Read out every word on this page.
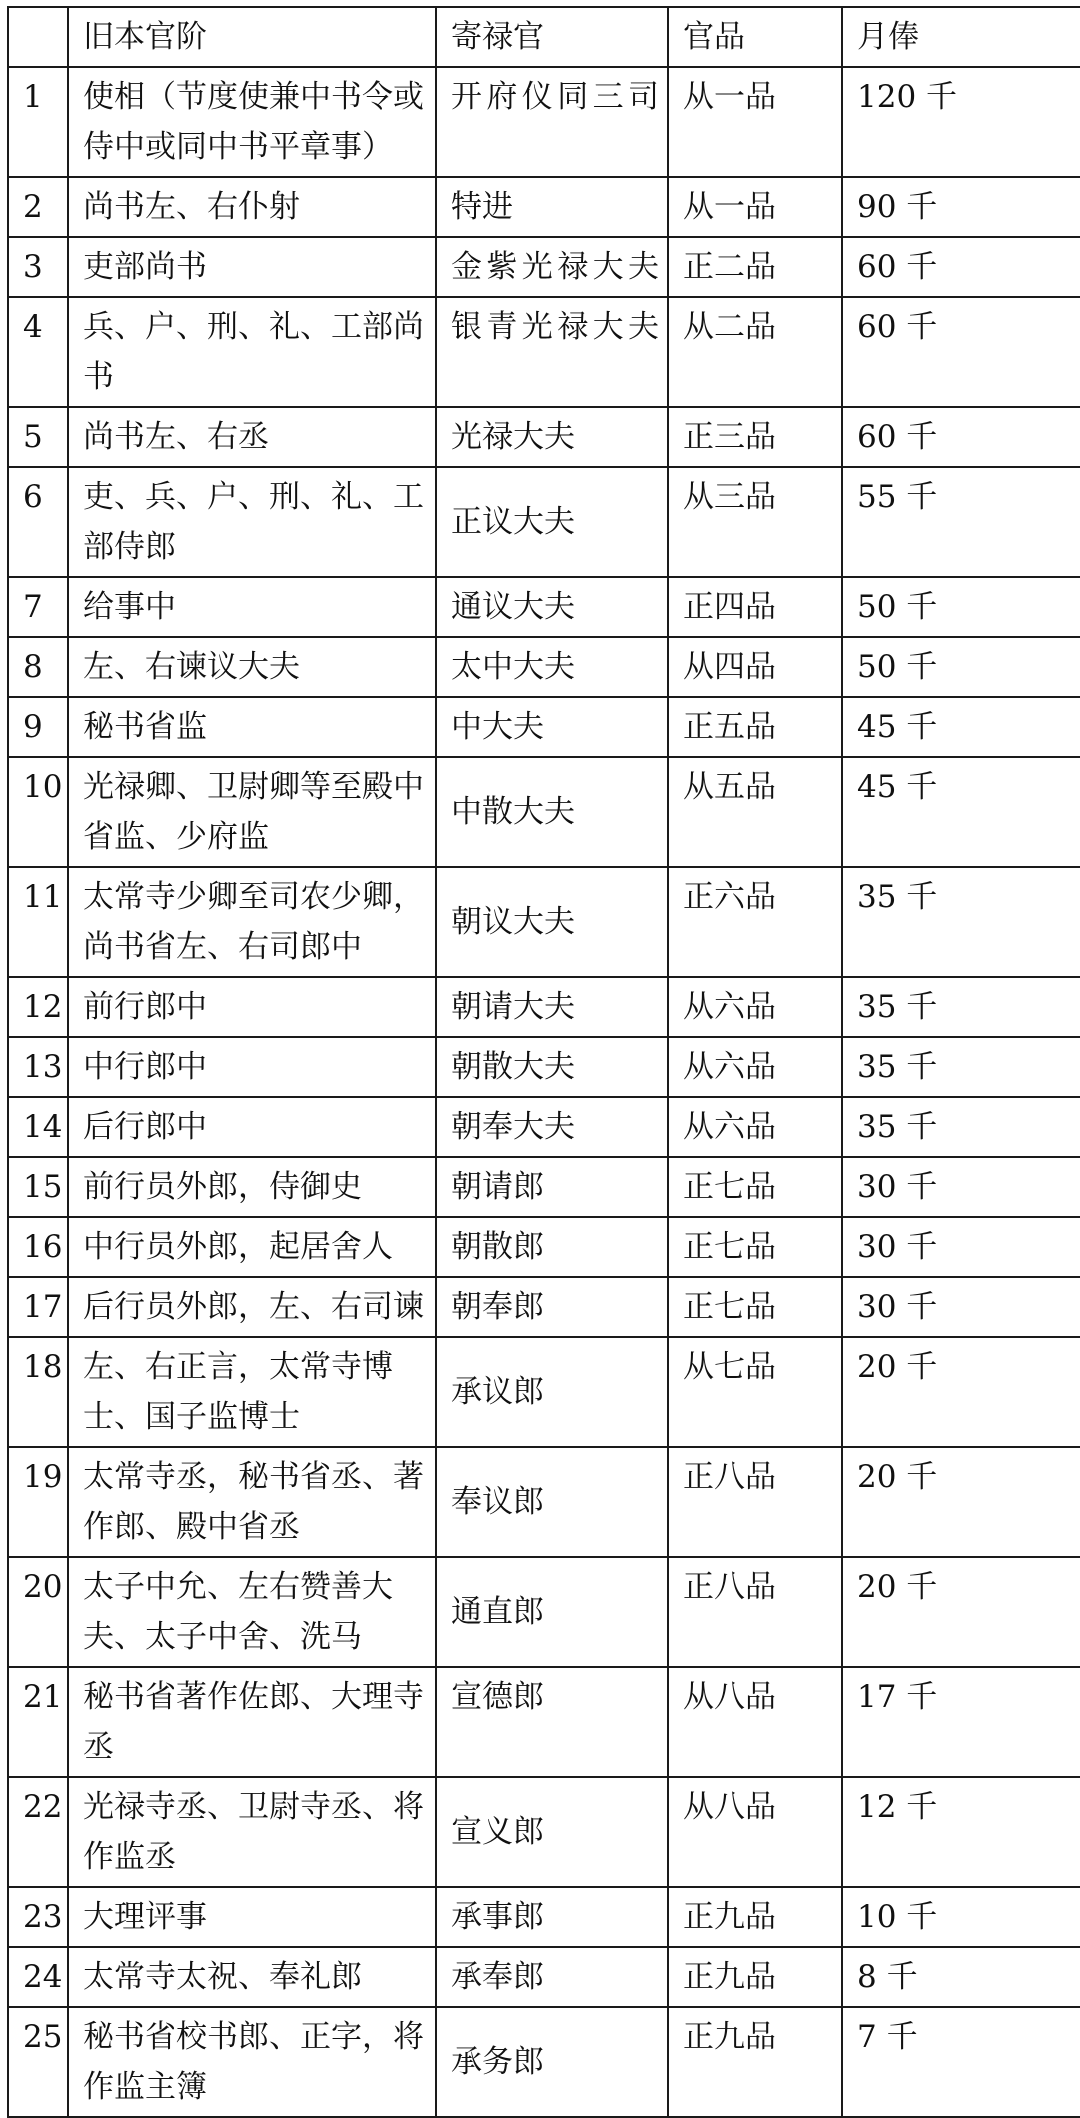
	旧本官阶	寄禄官	官品	月俸
1	使相（节度使兼中书令或侍中或同中书平章事）	开府仪同三司	从一品	120 千
2	尚书左、右仆射	特进	从一品	90 千
3	吏部尚书	金紫光禄大夫	正二品	60 千
4	兵、户、刑、礼、工部尚书	银青光禄大夫	从二品	60 千
5	尚书左、右丞	光禄大夫	正三品	60 千
6	吏、兵、户、刑、礼、工部侍郎	正议大夫	从三品	55 千
7	给事中	通议大夫	正四品	50 千
8	左、右谏议大夫	太中大夫	从四品	50 千
9	秘书省监	中大夫	正五品	45 千
10	光禄卿、卫尉卿等至殿中省监、少府监	中散大夫	从五品	45 千
11	太常寺少卿至司农少卿，尚书省左、右司郎中	朝议大夫	正六品	35 千
12	前行郎中	朝请大夫	从六品	35 千
13	中行郎中	朝散大夫	从六品	35 千
14	后行郎中	朝奉大夫	从六品	35 千
15	前行员外郎，侍御史	朝请郎	正七品	30 千
16	中行员外郎，起居舍人	朝散郎	正七品	30 千
17	后行员外郎，左、右司谏	朝奉郎	正七品	30 千
18	左、右正言，太常寺博士、国子监博士	承议郎	从七品	20 千
19	太常寺丞，秘书省丞、著作郎、殿中省丞	奉议郎	正八品	20 千
20	太子中允、左右赞善大夫、太子中舍、洗马	通直郎	正八品	20 千
21	秘书省著作佐郎、大理寺丞	宣德郎	从八品	17 千
22	光禄寺丞、卫尉寺丞、将作监丞	宣义郎	从八品	12 千
23	大理评事	承事郎	正九品	10 千
24	太常寺太祝、奉礼郎	承奉郎	正九品	8 千
25	秘书省校书郎、正字，将作监主簿	承务郎	正九品	7 千
